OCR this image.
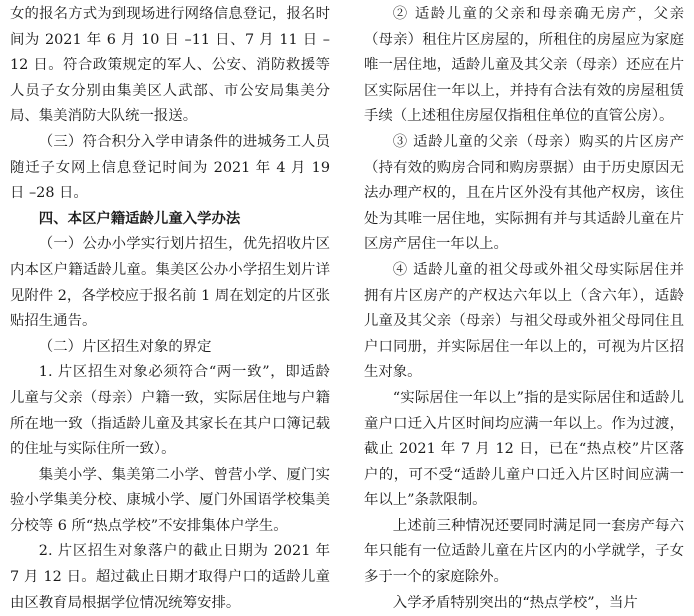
女的报名方式为到现场进行网络信息登记，报名时间为 2021 年 6 月 10 日 –11 日、7 月 11 日 –12 日。符合政策规定的军人、公安、消防救援等人员子女分别由集美区人武部、市公安局集美分局、集美消防大队统一报送。

（三）符合积分入学申请条件的进城务工人员随迁子女网上信息登记时间为 2021 年 4 月 19 日 –28 日。

四、本区户籍适龄儿童入学办法

（一）公办小学实行划片招生，优先招收片区内本区户籍适龄儿童。集美区公办小学招生划片详见附件 2，各学校应于报名前 1 周在划定的片区张贴招生通告。

（二）片区招生对象的界定

1. 片区招生对象必须符合“两一致”，即适龄儿童与父亲（母亲）户籍一致，实际居住地与户籍所在地一致（指适龄儿童及其家长在其户口簿记载的住址与实际住所一致）。

集美小学、集美第二小学、曾营小学、厦门实验小学集美分校、康城小学、厦门外国语学校集美分校等 6 所“热点学校”不安排集体户学生。

2. 片区招生对象落户的截止日期为 2021 年 7 月 12 日。超过截止日期才取得户口的适龄儿童由区教育局根据学位情况统筹安排。

② 适龄儿童的父亲和母亲确无房产，父亲（母亲）租住片区房屋的，所租住的房屋应为家庭唯一居住地，适龄儿童及其父亲（母亲）还应在片区实际居住一年以上，并持有合法有效的房屋租赁手续（上述租住房屋仅指租住单位的直管公房）。

③ 适龄儿童的父亲（母亲）购买的片区房产（持有效的购房合同和购房票据）由于历史原因无法办理产权的，且在片区外没有其他产权房，该住处为其唯一居住地，实际拥有并与其适龄儿童在片区房产居住一年以上。

④ 适龄儿童的祖父母或外祖父母实际居住并拥有片区房产的产权达六年以上（含六年），适龄儿童及其父亲（母亲）与祖父母或外祖父母同住且户口同册，并实际居住一年以上的，可视为片区招生对象。

“实际居住一年以上”指的是实际居住和适龄儿童户口迁入片区时间均应满一年以上。作为过渡，截止 2021 年 7 月 12 日，已在“热点校”片区落户的，可不受“适龄儿童户口迁入片区时间应满一年以上”条款限制。

上述前三种情况还要同时满足同一套房产每六年只能有一位适龄儿童在片区内的小学就学，子女多于一个的家庭除外。

入学矛盾特别突出的“热点学校”，当片
